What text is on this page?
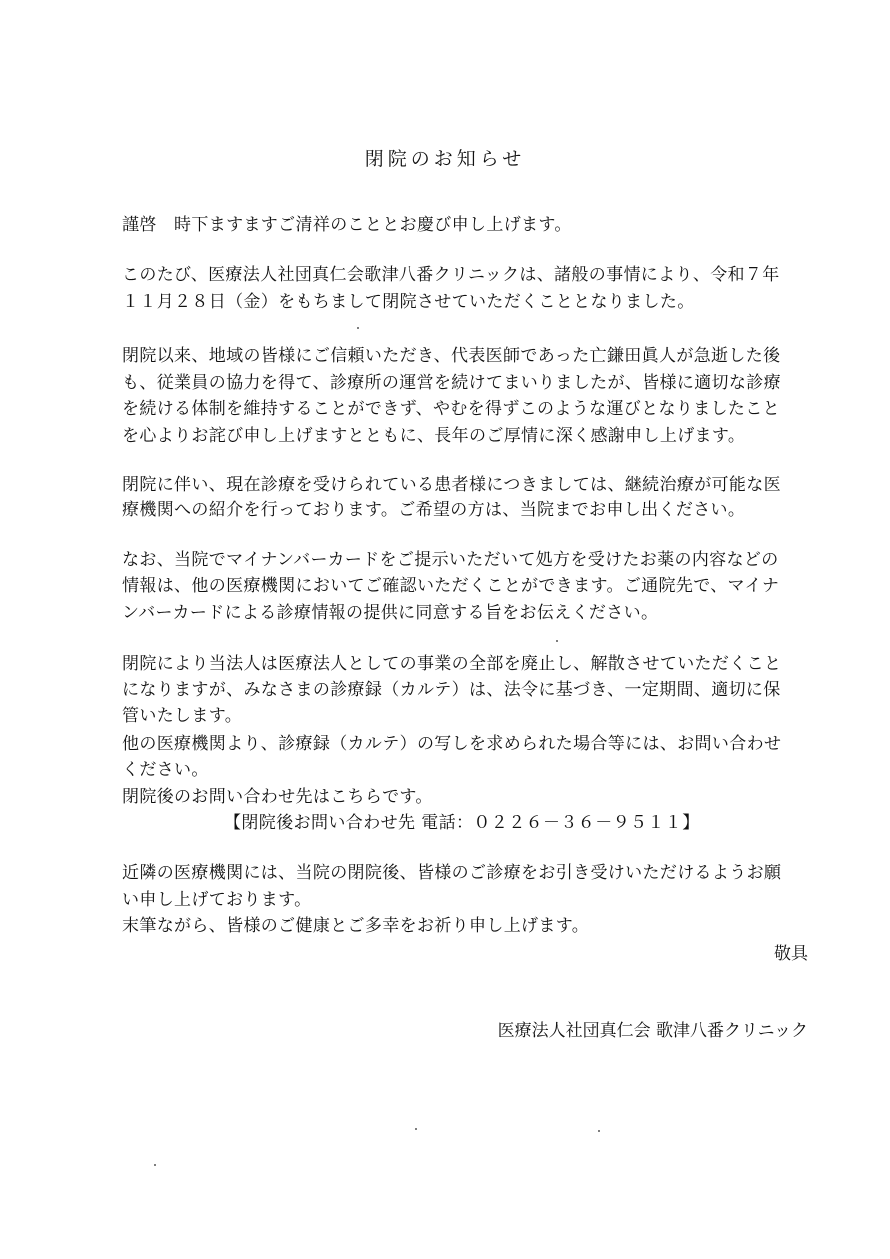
閉院のお知らせ
謹啓　時下ますますご清祥のこととお慶び申し上げます。
このたび、医療法人社団真仁会歌津八番クリニックは、諸般の事情により、令和７年
１１月２８日（金）をもちまして閉院させていただくこととなりました。
閉院以来、地域の皆様にご信頼いただき、代表医師であった亡鎌田眞人が急逝した後
も、従業員の協力を得て、診療所の運営を続けてまいりましたが、皆様に適切な診療
を続ける体制を維持することができず、やむを得ずこのような運びとなりましたこと
を心よりお詫び申し上げますとともに、長年のご厚情に深く感謝申し上げます。
閉院に伴い、現在診療を受けられている患者様につきましては、継続治療が可能な医
療機関への紹介を行っております。ご希望の方は、当院までお申し出ください。
なお、当院でマイナンバーカードをご提示いただいて処方を受けたお薬の内容などの
情報は、他の医療機関においてご確認いただくことができます。ご通院先で、マイナ
ンバーカードによる診療情報の提供に同意する旨をお伝えください。
閉院により当法人は医療法人としての事業の全部を廃止し、解散させていただくこと
になりますが、みなさまの診療録（カルテ）は、法令に基づき、一定期間、適切に保
管いたします。
他の医療機関より、診療録（カルテ）の写しを求められた場合等には、お問い合わせ
ください。
閉院後のお問い合わせ先はこちらです。
【閉院後お問い合わせ先 電話：０２２６－３６－９５１１】
近隣の医療機関には、当院の閉院後、皆様のご診療をお引き受けいただけるようお願
い申し上げております。
末筆ながら、皆様のご健康とご多幸をお祈り申し上げます。
敬具
医療法人社団真仁会 歌津八番クリニック
